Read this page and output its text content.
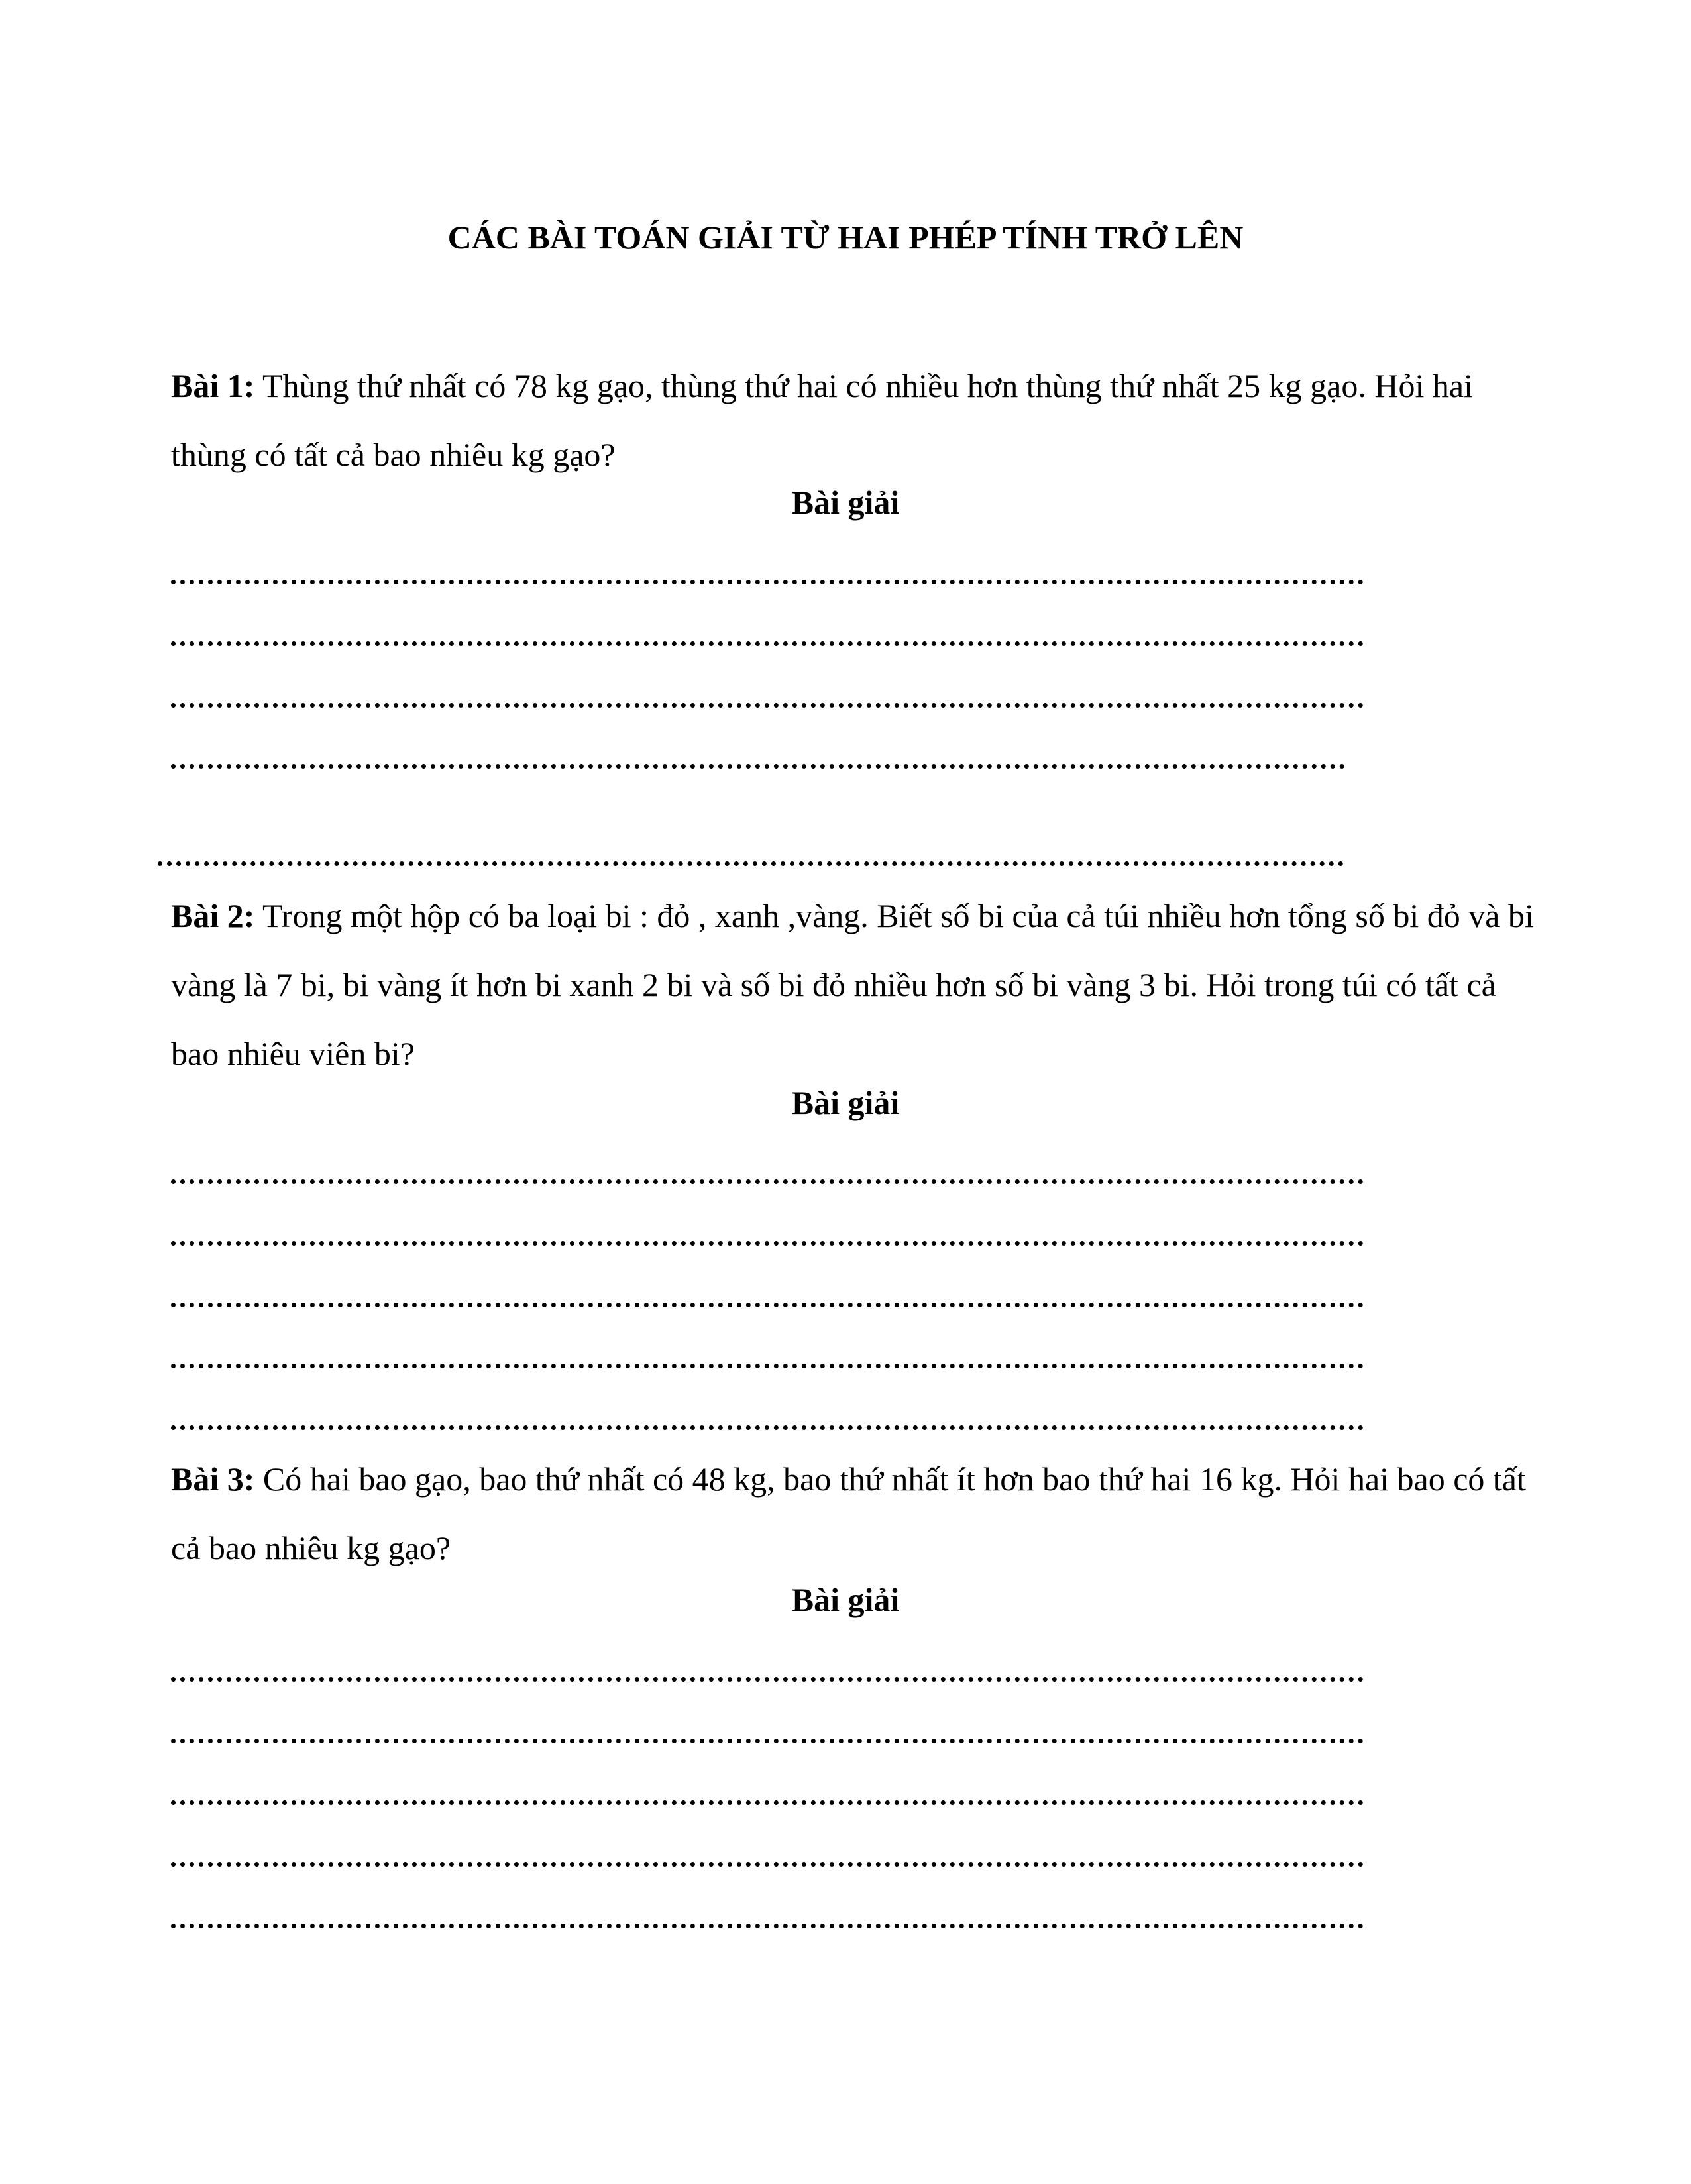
CÁC BÀI TOÁN GIẢI TỪ HAI PHÉP TÍNH TRỞ LÊN

Bài 1: Thùng thứ nhất có 78 kg gạo, thùng thứ hai có nhiều hơn thùng thứ nhất 25 kg gạo. Hỏi hai thùng có tất cả bao nhiêu kg gạo?

Bài giải

Bài 2: Trong một hộp có ba loại bi : đỏ , xanh ,vàng. Biết số bi của cả túi nhiều hơn tổng số bi đỏ và bi vàng là 7 bi, bi vàng ít hơn bi xanh 2 bi và số bi đỏ nhiều hơn số bi vàng 3 bi. Hỏi trong túi có tất cả bao nhiêu viên bi?

Bài giải

Bài 3: Có hai bao gạo, bao thứ nhất có 48 kg, bao thứ nhất ít hơn bao thứ hai 16 kg. Hỏi hai bao có tất cả bao nhiêu kg gạo?

Bài giải
